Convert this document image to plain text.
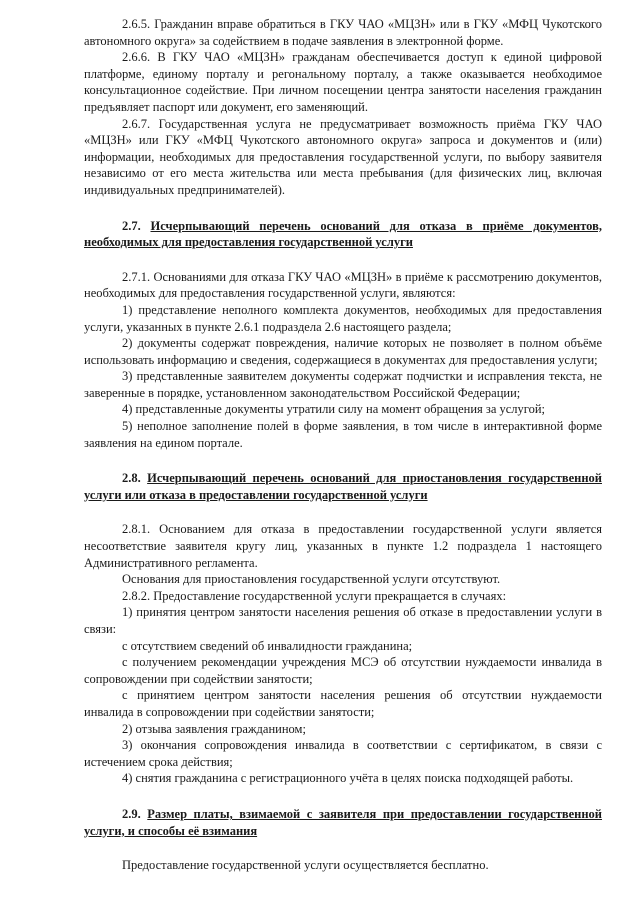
2.6.5. Гражданин вправе обратиться в ГКУ ЧАО «МЦЗН» или в ГКУ «МФЦ Чукотского автономного округа» за содействием в подаче заявления в электронной форме.

2.6.6. В ГКУ ЧАО «МЦЗН» гражданам обеспечивается доступ к единой цифровой платформе, единому порталу и регональному порталу, а также оказывается необходимое консультационное содействие. При личном посещении центра занятости населения гражданин предъявляет паспорт или документ, его заменяющий.

2.6.7. Государственная услуга не предусматривает возможность приёма ГКУ ЧАО «МЦЗН» или ГКУ «МФЦ Чукотского автономного округа» запроса и документов и (или) информации, необходимых для предоставления государственной услуги, по выбору заявителя независимо от его места жительства или места пребывания (для физических лиц, включая индивидуальных предпринимателей).

2.7. Исчерпывающий перечень оснований для отказа в приёме документов, необходимых для предоставления государственной услуги

2.7.1. Основаниями для отказа ГКУ ЧАО «МЦЗН» в приёме к рассмотрению документов, необходимых для предоставления государственной услуги, являются:

1) представление неполного комплекта документов, необходимых для предоставления услуги, указанных в пункте 2.6.1 подраздела 2.6 настоящего раздела;

2) документы содержат повреждения, наличие которых не позволяет в полном объёме использовать информацию и сведения, содержащиеся в документах для предоставления услуги;

3) представленные заявителем документы содержат подчистки и исправления текста, не заверенные в порядке, установленном законодательством Российской Федерации;

4) представленные документы утратили силу на момент обращения за услугой;

5) неполное заполнение полей в форме заявления, в том числе в интерактивной форме заявления на едином портале.

2.8. Исчерпывающий перечень оснований для приостановления государственной услуги или отказа в предоставлении государственной услуги

2.8.1. Основанием для отказа в предоставлении государственной услуги является несоответствие заявителя кругу лиц, указанных в пункте 1.2 подраздела 1 настоящего Административного регламента.

Основания для приостановления государственной услуги отсутствуют.

2.8.2. Предоставление государственной услуги прекращается в случаях:

1) принятия центром занятости населения решения об отказе в предоставлении услуги в связи:

с отсутствием сведений об инвалидности гражданина;

с получением рекомендации учреждения МСЭ об отсутствии нуждаемости инвалида в сопровождении при содействии занятости;

с принятием центром занятости населения решения об отсутствии нуждаемости инвалида в сопровождении при содействии занятости;

2) отзыва заявления гражданином;

3) окончания сопровождения инвалида в соответствии с сертификатом, в связи с истечением срока действия;

4) снятия гражданина с регистрационного учёта в целях поиска подходящей работы.

2.9. Размер платы, взимаемой с заявителя при предоставлении государственной услуги, и способы её взимания

Предоставление государственной услуги осуществляется бесплатно.
